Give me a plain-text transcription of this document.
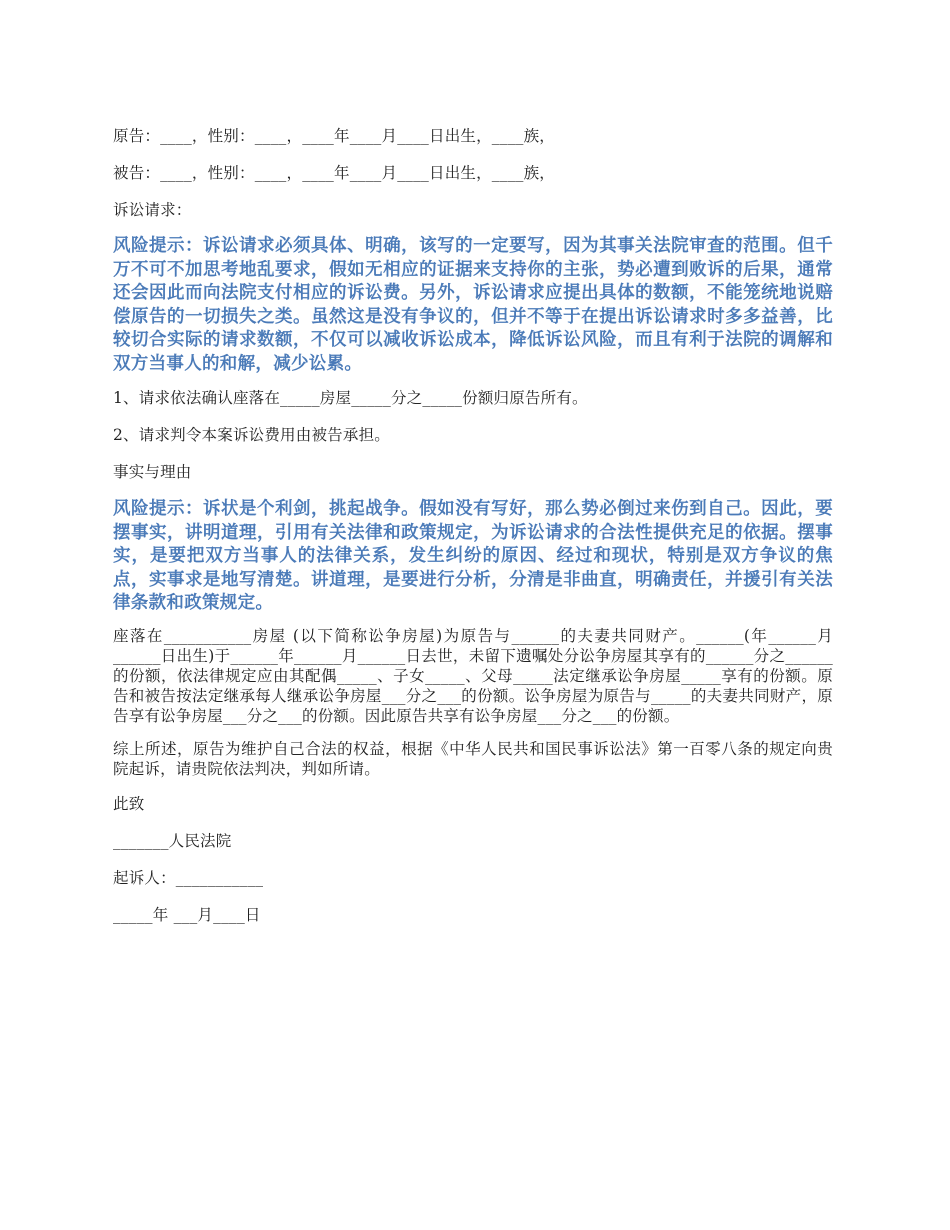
原告：____，性别：____，____年____月____日出生，____族，

被告：____，性别：____，____年____月____日出生，____族，

诉讼请求：

风险提示：诉讼请求必须具体、明确，该写的一定要写，因为其事关法院审查的范围。但千万不可不加思考地乱要求，假如无相应的证据来支持你的主张，势必遭到败诉的后果，通常还会因此而向法院支付相应的诉讼费。另外，诉讼请求应提出具体的数额，不能笼统地说赔偿原告的一切损失之类。虽然这是没有争议的，但并不等于在提出诉讼请求时多多益善，比较切合实际的请求数额，不仅可以减收诉讼成本，降低诉讼风险，而且有利于法院的调解和双方当事人的和解，减少讼累。

1、请求依法确认座落在_____房屋_____分之_____份额归原告所有。

2、请求判令本案诉讼费用由被告承担。

事实与理由

风险提示：诉状是个利剑，挑起战争。假如没有写好，那么势必倒过来伤到自己。因此，要摆事实，讲明道理，引用有关法律和政策规定，为诉讼请求的合法性提供充足的依据。摆事实，是要把双方当事人的法律关系，发生纠纷的原因、经过和现状，特别是双方争议的焦点，实事求是地写清楚。讲道理，是要进行分析，分清是非曲直，明确责任，并援引有关法律条款和政策规定。

座落在___________房屋 (以下简称讼争房屋)为原告与______的夫妻共同财产。______(年______月______日出生)于______年______月______日去世，未留下遗嘱处分讼争房屋其享有的______分之______的份额，依法律规定应由其配偶_____、子女_____、父母_____法定继承讼争房屋_____享有的份额。原告和被告按法定继承每人继承讼争房屋___分之___的份额。讼争房屋为原告与_____的夫妻共同财产，原告享有讼争房屋___分之___的份额。因此原告共享有讼争房屋___分之___的份额。

综上所述，原告为维护自己合法的权益，根据《中华人民共和国民事诉讼法》第一百零八条的规定向贵院起诉，请贵院依法判决，判如所请。

此致

_______人民法院

起诉人：___________

_____年 ___月____日
